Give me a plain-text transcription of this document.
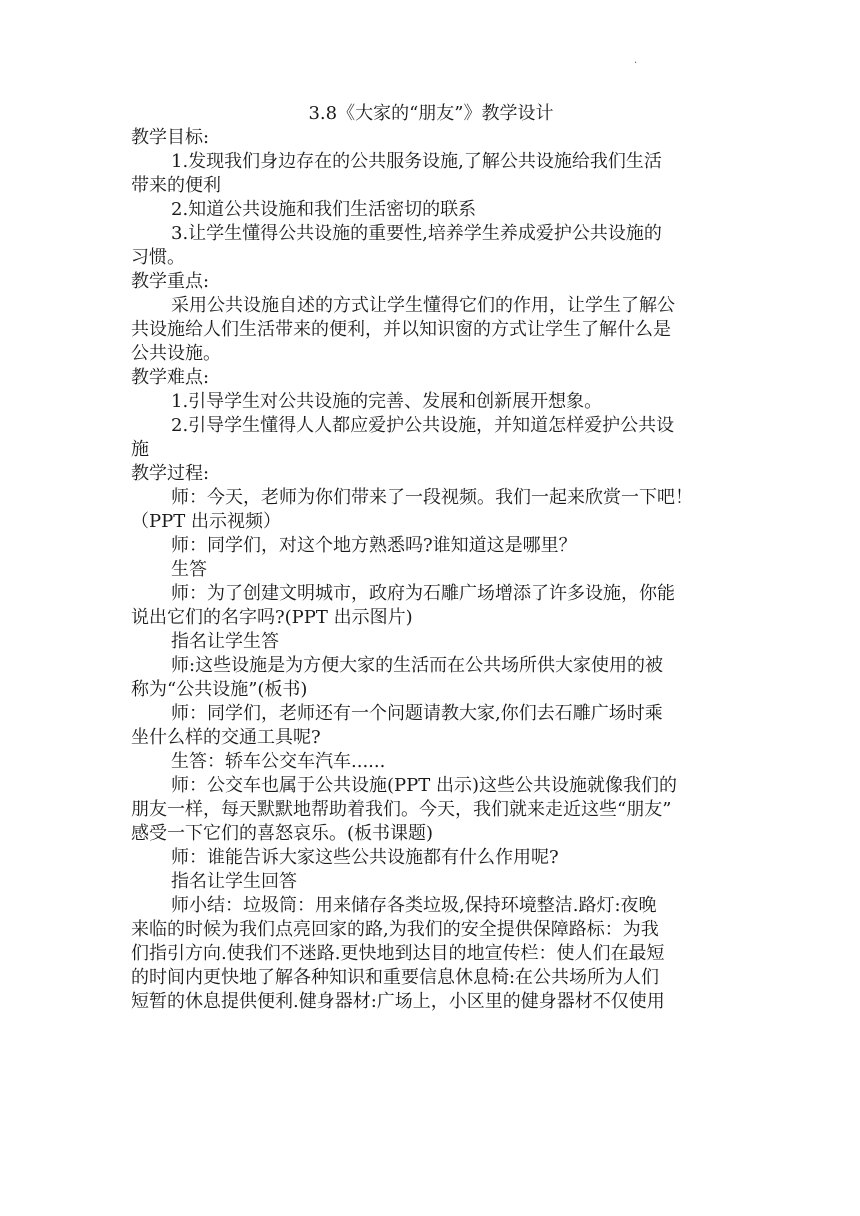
.
3.8《大家的“朋友”》教学设计
教学目标:
1.发现我们身边存在的公共服务设施,了解公共设施给我们生活
带来的便利
2.知道公共设施和我们生活密切的联系
3.让学生懂得公共设施的重要性,培养学生养成爱护公共设施的
习惯。
教学重点:
采用公共设施自述的方式让学生懂得它们的作用，让学生了解公
共设施给人们生活带来的便利，并以知识窗的方式让学生了解什么是
公共设施。
教学难点:
1.引导学生对公共设施的完善、发展和创新展开想象。
2.引导学生懂得人人都应爱护公共设施，并知道怎样爱护公共设
施
教学过程:
师：今天，老师为你们带来了一段视频。我们一起来欣赏一下吧！
（PPT 出示视频）
师：同学们，对这个地方熟悉吗?谁知道这是哪里？
生答
师：为了创建文明城市，政府为石雕广场增添了许多设施，你能
说出它们的名字吗?(PPT 出示图片)
指名让学生答
师:这些设施是为方便大家的生活而在公共场所供大家使用的被
称为“公共设施”(板书)
师：同学们，老师还有一个问题请教大家,你们去石雕广场时乘
坐什么样的交通工具呢?
生答：轿车公交车汽车......
师：公交车也属于公共设施(PPT 出示)这些公共设施就像我们的
朋友一样，每天默默地帮助着我们。今天，我们就来走近这些“朋友”
感受一下它们的喜怒哀乐。(板书课题)
师：谁能告诉大家这些公共设施都有什么作用呢?
指名让学生回答
师小结：垃圾筒：用来储存各类垃圾,保持环境整洁.路灯:夜晚
来临的时候为我们点亮回家的路,为我们的安全提供保障路标：为我
们指引方向.使我们不迷路.更快地到达目的地宣传栏：使人们在最短
的时间内更快地了解各种知识和重要信息休息椅:在公共场所为人们
短暂的休息提供便利.健身器材:广场上，小区里的健身器材不仅使用
